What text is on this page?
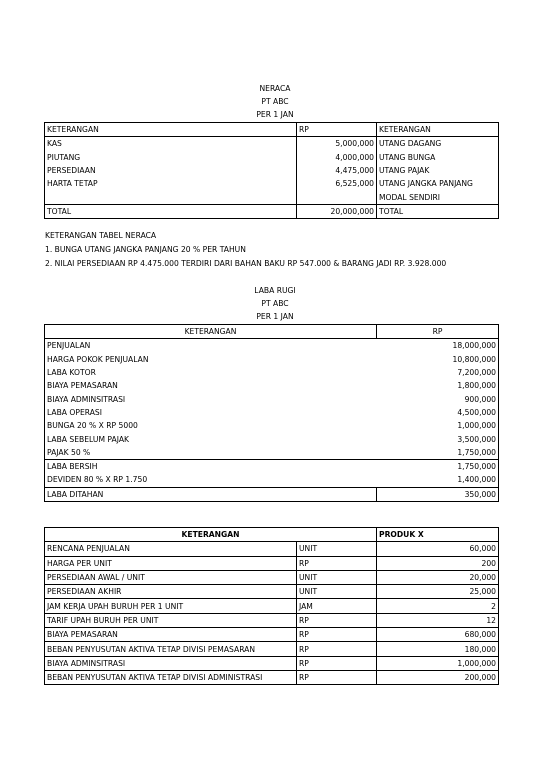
NERACA
PT ABC
PER 1 JAN
KETERANGAN	RP	KETERANGAN
KAS	5,000,000	UTANG DAGANG
PIUTANG	4,000,000	UTANG BUNGA
PERSEDIAAN	4,475,000	UTANG PAJAK
HARTA TETAP	6,525,000	UTANG JANGKA PANJANG
		MODAL SENDIRI
TOTAL	20,000,000	TOTAL
KETERANGAN TABEL NERACA
1. BUNGA UTANG JANGKA PANJANG 20 % PER TAHUN
2. NILAI PERSEDIAAN RP 4.475.000 TERDIRI DARI BAHAN BAKU RP 547.000 & BARANG JADI RP. 3.928.000
LABA RUGI
PT ABC
PER 1 JAN
KETERANGAN	RP
PENJUALAN	18,000,000
HARGA POKOK PENJUALAN	10,800,000
LABA KOTOR	7,200,000
BIAYA PEMASARAN	1,800,000
BIAYA ADMINSITRASI	900,000
LABA OPERASI	4,500,000
BUNGA 20 % X RP 5000	1,000,000
LABA SEBELUM PAJAK	3,500,000
PAJAK 50 %	1,750,000
LABA BERSIH	1,750,000
DEVIDEN 80 % X RP 1.750	1,400,000
LABA DITAHAN	350,000
KETERANGAN		PRODUK X
RENCANA PENJUALAN	UNIT	60,000
HARGA PER UNIT	RP	200
PERSEDIAAN AWAL / UNIT	UNIT	20,000
PERSEDIAAN AKHIR	UNIT	25,000
JAM KERJA UPAH BURUH PER 1 UNIT	JAM	2
TARIF UPAH BURUH PER UNIT	RP	12
BIAYA PEMASARAN	RP	680,000
BEBAN PENYUSUTAN AKTIVA TETAP DIVISI PEMASARAN	RP	180,000
BIAYA ADMINSITRASI	RP	1,000,000
BEBAN PENYUSUTAN AKTIVA TETAP DIVISI ADMINISTRASI	RP	200,000
